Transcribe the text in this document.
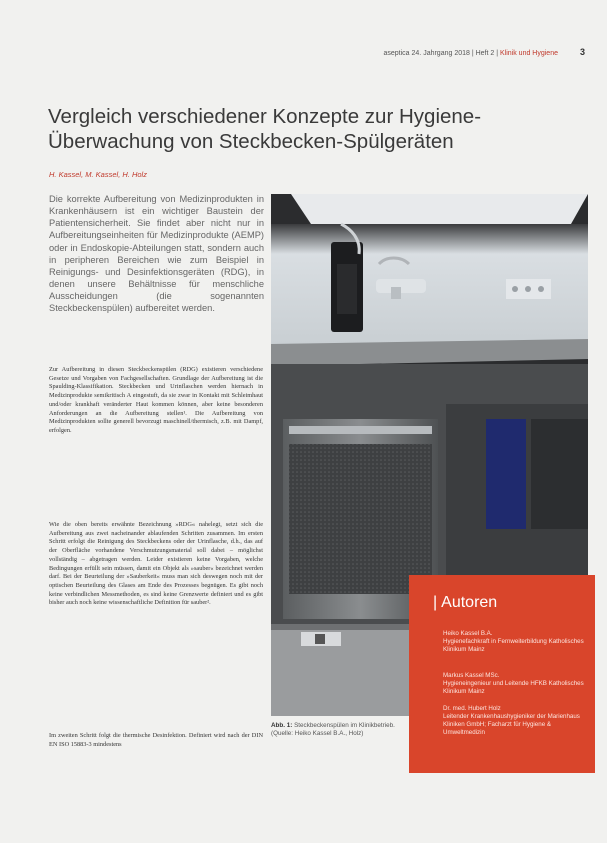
aseptica 24. Jahrgang 2018 | Heft 2 | Klinik und Hygiene 3
Vergleich verschiedener Konzepte zur Hygiene-Überwachung von Steckbecken-Spülgeräten
H. Kassel, M. Kassel, H. Holz

Die korrekte Aufbereitung von Medizinprodukten in Krankenhäusern ist ein wichtiger Baustein der Patientensicherheit. Sie findet aber nicht nur in Aufbereitungseinheiten für Medizinprodukte (AEMP) oder in Endoskopie-Abteilungen statt, sondern auch in peripheren Bereichen wie zum Beispiel in Reinigungs- und Desinfektionsgeräten (RDG), in denen unsere Behältnisse für menschliche Ausscheidungen (die sogenannten Steckbeckenspülen) aufbereitet werden.

Zur Aufbereitung in diesen Steckbeckenspülen (RDG) existieren verschiedene Gesetze und Vorgaben von Fachgesellschaften. Grundlage der Aufbereitung ist die Spaulding-Klassifikation. Steckbecken und Urinflaschen werden hiernach in Medizinprodukte semikritisch A eingestuft, da sie zwar in Kontakt mit Schleimhaut und/oder krankhaft veränderter Haut kommen können, aber keine besonderen Anforderungen an die Aufbereitung stellen¹. Die Aufbereitung von Medizinprodukten sollte generell bevorzugt maschinell/thermisch, z.B. mit Dampf, erfolgen.

Wie die oben bereits erwähnte Bezeichnung »RDG« nahelegt, setzt sich die Aufbereitung aus zwei nacheinander ablaufenden Schritten zusammen. Im ersten Schritt erfolgt die Reinigung des Steckbeckens oder der Urinflasche, d.h., das auf der Oberfläche vorhandene Verschmutzungsmaterial soll dabei – möglichst vollständig – abgetragen werden. Leider existieren keine Vorgaben, welche Bedingungen erfüllt sein müssen, damit ein Objekt als »sauber« bezeichnet werden darf. Bei der Beurteilung der »Sauberkeit« muss man sich deswegen noch mit der optischen Beurteilung des Glases am Ende des Prozesses begnügen. Es gibt noch keine verbindlichen Messmethoden, es sind keine Grenzwerte definiert und es gibt bisher auch noch keine wissenschaftliche Definition für sauber².

Im zweiten Schritt folgt die thermische Desinfektion. Definiert wird nach der DIN EN ISO 15883-3 mindestens

Abb. 1: Steckbeckenspülen im Klinikbetrieb. (Quelle: Heiko Kassel B.A., Holz)

| Autoren
Heiko Kassel B.A.
Hygienefachkraft in Fernweiterbildung Katholisches Klinikum Mainz
Markus Kassel MSc.
Hygieneingenieur und Leitende HFKB Katholisches Klinikum Mainz
Dr. med. Hubert Holz
Leitender Krankenhaushygieniker der Marienhaus Kliniken GmbH; Facharzt für Hygiene & Umweltmedizin
